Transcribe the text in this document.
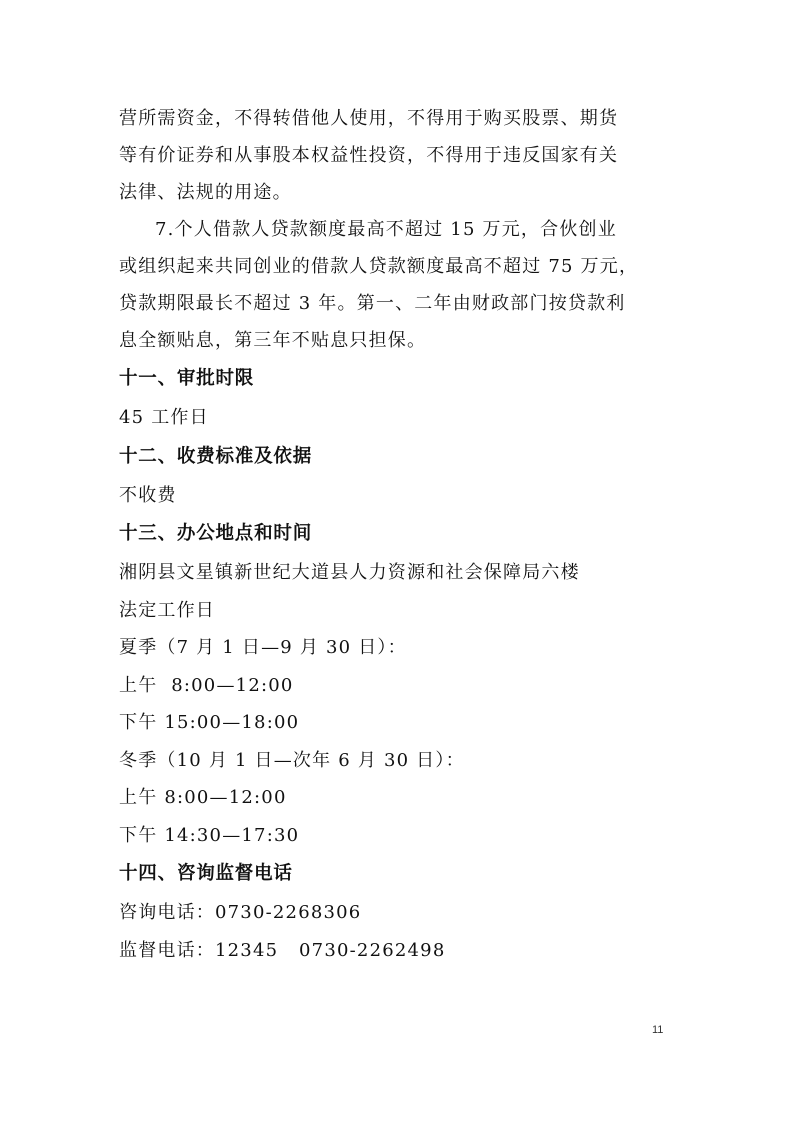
营所需资金，不得转借他人使用，不得用于购买股票、期货

等有价证券和从事股本权益性投资，不得用于违反国家有关

法律、法规的用途。

7.个人借款人贷款额度最高不超过 15 万元，合伙创业

或组织起来共同创业的借款人贷款额度最高不超过 75 万元，

贷款期限最长不超过 3 年。第一、二年由财政部门按贷款利

息全额贴息，第三年不贴息只担保。

十一、审批时限

45 工作日

十二、收费标准及依据

不收费

十三、办公地点和时间

湘阴县文星镇新世纪大道县人力资源和社会保障局六楼

法定工作日

夏季（7 月 1 日—9 月 30 日）：

上午  8:00—12:00

下午 15:00—18:00

冬季（10 月 1 日—次年 6 月 30 日）：

上午 8:00—12:00

下午 14:30—17:30

十四、咨询监督电话

咨询电话：0730-2268306

监督电话：12345   0730-2262498

11
